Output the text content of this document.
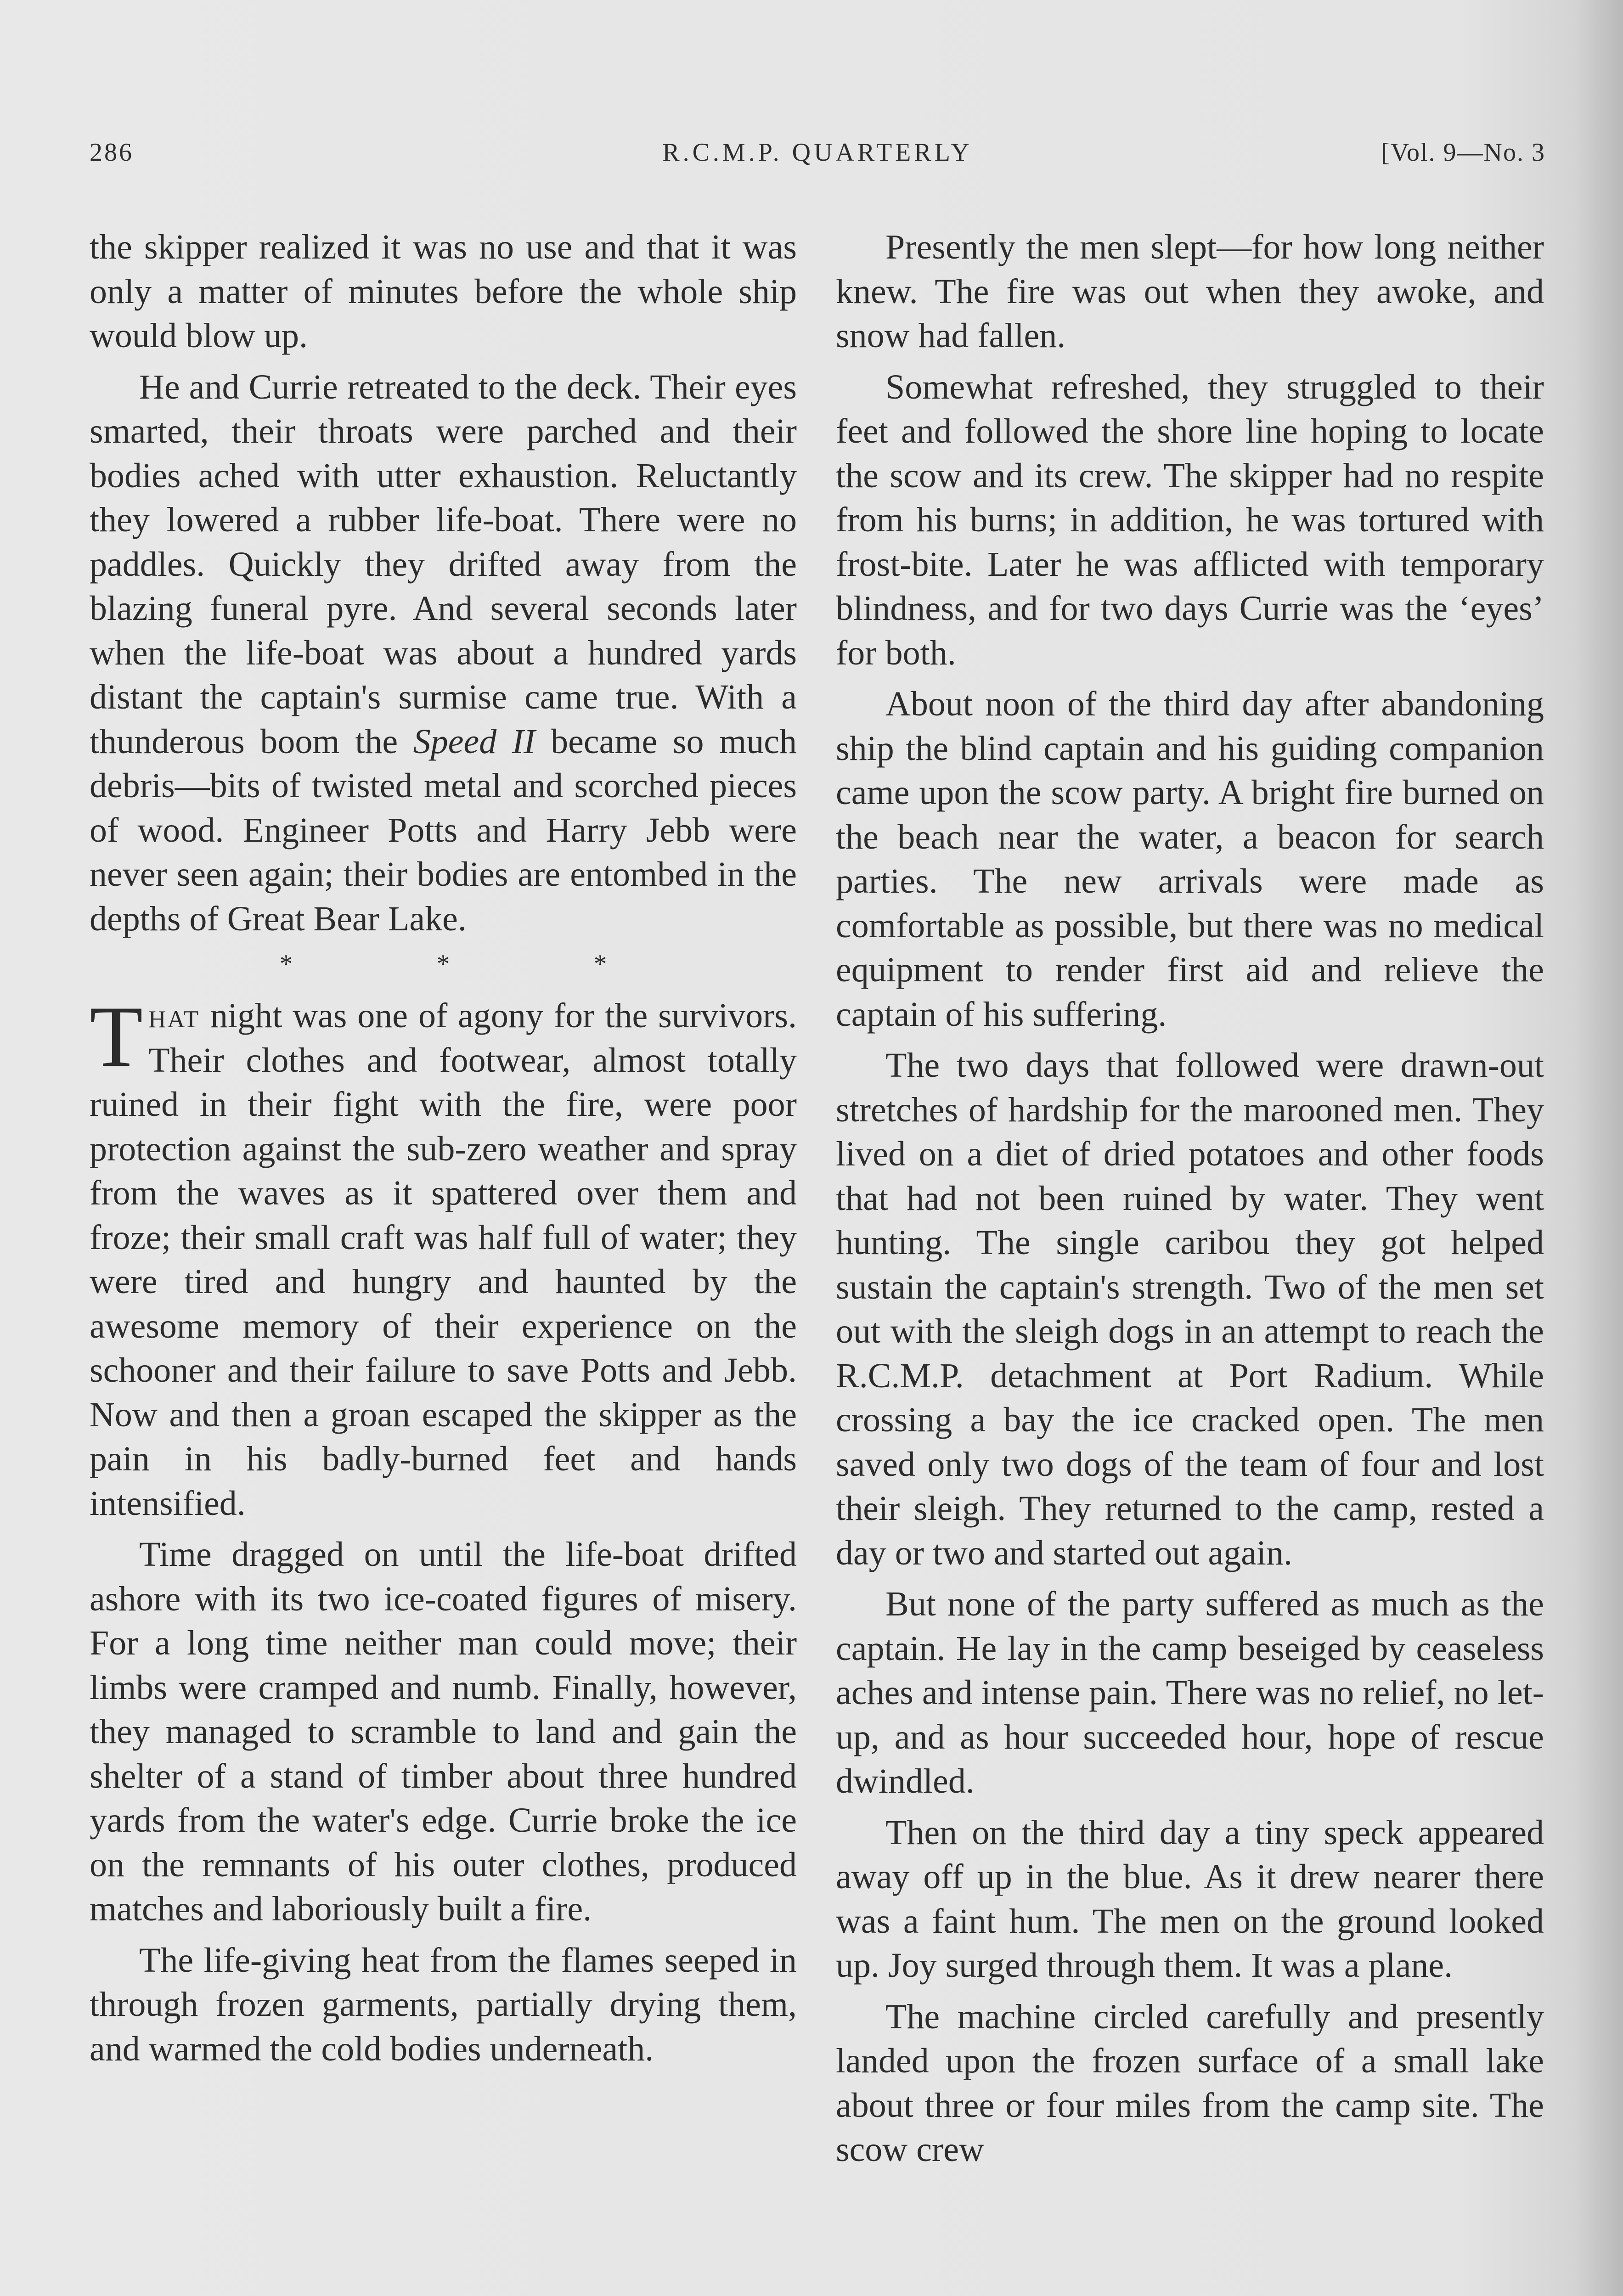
286	R.C.M.P. QUARTERLY	[Vol. 9—No. 3

the skipper realized it was no use and that it was only a matter of minutes before the whole ship would blow up.

He and Currie retreated to the deck. Their eyes smarted, their throats were parched and their bodies ached with utter exhaustion. Reluctantly they lowered a rubber life-boat. There were no paddles. Quickly they drifted away from the blazing funeral pyre. And several seconds later when the life-boat was about a hundred yards distant the captain's surmise came true. With a thunderous boom the Speed II became so much debris—bits of twisted metal and scorched pieces of wood. Engineer Potts and Harry Jebb were never seen again; their bodies are entombed in the depths of Great Bear Lake.

* * *

That night was one of agony for the survivors. Their clothes and footwear, almost totally ruined in their fight with the fire, were poor protection against the sub-zero weather and spray from the waves as it spattered over them and froze; their small craft was half full of water; they were tired and hungry and haunted by the awesome memory of their experience on the schooner and their failure to save Potts and Jebb. Now and then a groan escaped the skipper as the pain in his badly-burned feet and hands intensified.

Time dragged on until the life-boat drifted ashore with its two ice-coated figures of misery. For a long time neither man could move; their limbs were cramped and numb. Finally, however, they managed to scramble to land and gain the shelter of a stand of timber about three hundred yards from the water's edge. Currie broke the ice on the remnants of his outer clothes, produced matches and laboriously built a fire.

The life-giving heat from the flames seeped in through frozen garments, partially drying them, and warmed the cold bodies underneath.

Presently the men slept—for how long neither knew. The fire was out when they awoke, and snow had fallen.

Somewhat refreshed, they struggled to their feet and followed the shore line hoping to locate the scow and its crew. The skipper had no respite from his burns; in addition, he was tortured with frost-bite. Later he was afflicted with temporary blindness, and for two days Currie was the ‘eyes’ for both.

About noon of the third day after abandoning ship the blind captain and his guiding companion came upon the scow party. A bright fire burned on the beach near the water, a beacon for search parties. The new arrivals were made as comfortable as possible, but there was no medical equipment to render first aid and relieve the captain of his suffering.

The two days that followed were drawn-out stretches of hardship for the marooned men. They lived on a diet of dried potatoes and other foods that had not been ruined by water. They went hunting. The single caribou they got helped sustain the captain's strength. Two of the men set out with the sleigh dogs in an attempt to reach the R.C.M.P. detachment at Port Radium. While crossing a bay the ice cracked open. The men saved only two dogs of the team of four and lost their sleigh. They returned to the camp, rested a day or two and started out again.

But none of the party suffered as much as the captain. He lay in the camp beseiged by ceaseless aches and intense pain. There was no relief, no let-up, and as hour succeeded hour, hope of rescue dwindled.

Then on the third day a tiny speck appeared away off up in the blue. As it drew nearer there was a faint hum. The men on the ground looked up. Joy surged through them. It was a plane.

The machine circled carefully and presently landed upon the frozen surface of a small lake about three or four miles from the camp site. The scow crew
